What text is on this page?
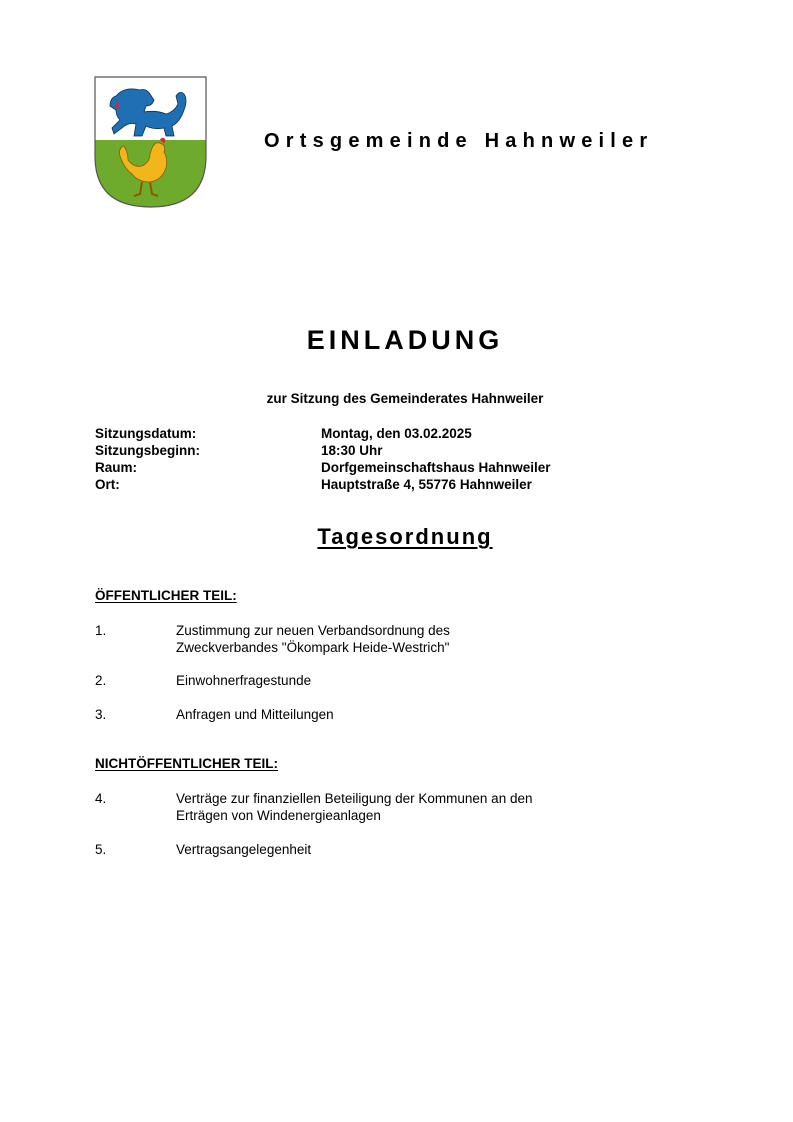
Ortsgemeinde Hahnweiler
EINLADUNG
zur Sitzung des Gemeinderates Hahnweiler
Sitzungsdatum:	Montag, den 03.02.2025
Sitzungsbeginn:	18:30 Uhr
Raum:	Dorfgemeinschaftshaus Hahnweiler
Ort:	Hauptstraße 4, 55776 Hahnweiler
Tagesordnung
ÖFFENTLICHER TEIL:
1.	Zustimmung zur neuen Verbandsordnung des
Zweckverbandes "Ökompark Heide-Westrich"
2.	Einwohnerfragestunde
3.	Anfragen und Mitteilungen
NICHTÖFFENTLICHER TEIL:
4.	Verträge zur finanziellen Beteiligung der Kommunen an den
Erträgen von Windenergieanlagen
5.	Vertragsangelegenheit
